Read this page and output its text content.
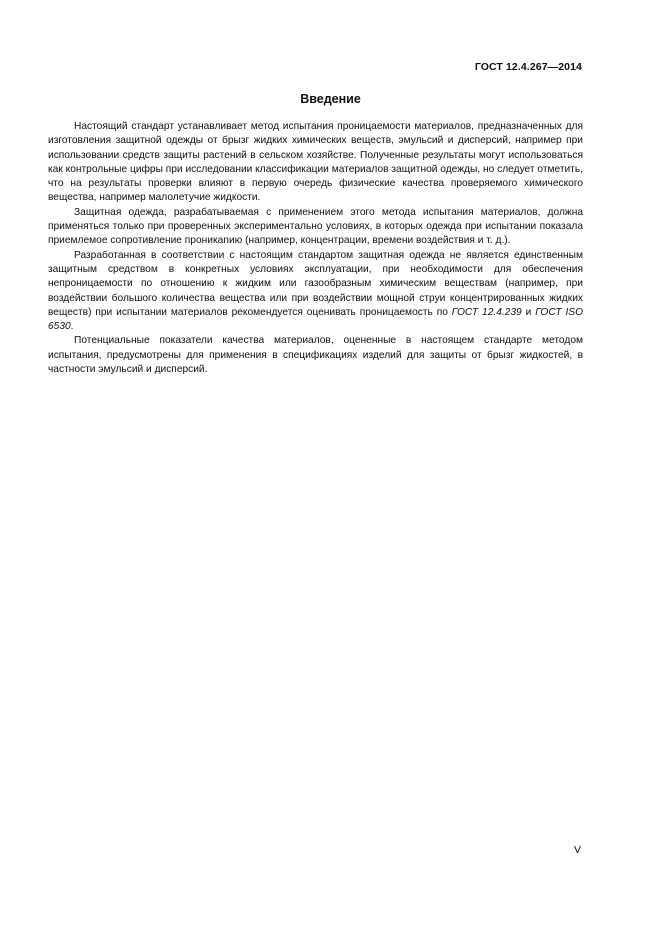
ГОСТ 12.4.267—2014
Введение

Настоящий стандарт устанавливает метод испытания проницаемости материалов, предназначенных для изготовления защитной одежды от брызг жидких химических веществ, эмульсий и дисперсий, например при использовании средств защиты растений в сельском хозяйстве. Полученные результаты могут использоваться как контрольные цифры при исследовании классификации материалов защитной одежды, но следует отметить, что на результаты проверки влияют в первую очередь физические качества проверяемого химического вещества, например малолетучие жидкости.

Защитная одежда, разрабатываемая с применением этого метода испытания материалов, должна применяться только при проверенных экспериментально условиях, в которых одежда при испытании показала приемлемое сопротивление проникаnию (например, концентрации, времени воздействия и т. д.).

Разработанная в соответствии с настоящим стандартом защитная одежда не является единственным защитным средством в конкретных условиях эксплуатации, при необходимости для обеспечения непроницаемости по отношению к жидким или газообразным химическим веществам (например, при воздействии большого количества вещества или при воздействии мощной струи концентрированных жидких веществ) при испытании материалов рекомендуется оценивать проницаемость по ГОСТ 12.4.239 и ГОСТ ISO 6530.

Потенциальные показатели качества материалов, оцененные в настоящем стандарте методом испытания, предусмотрены для применения в спецификациях изделий для защиты от брызг жидкостей, в частности эмульсий и дисперсий.

V
